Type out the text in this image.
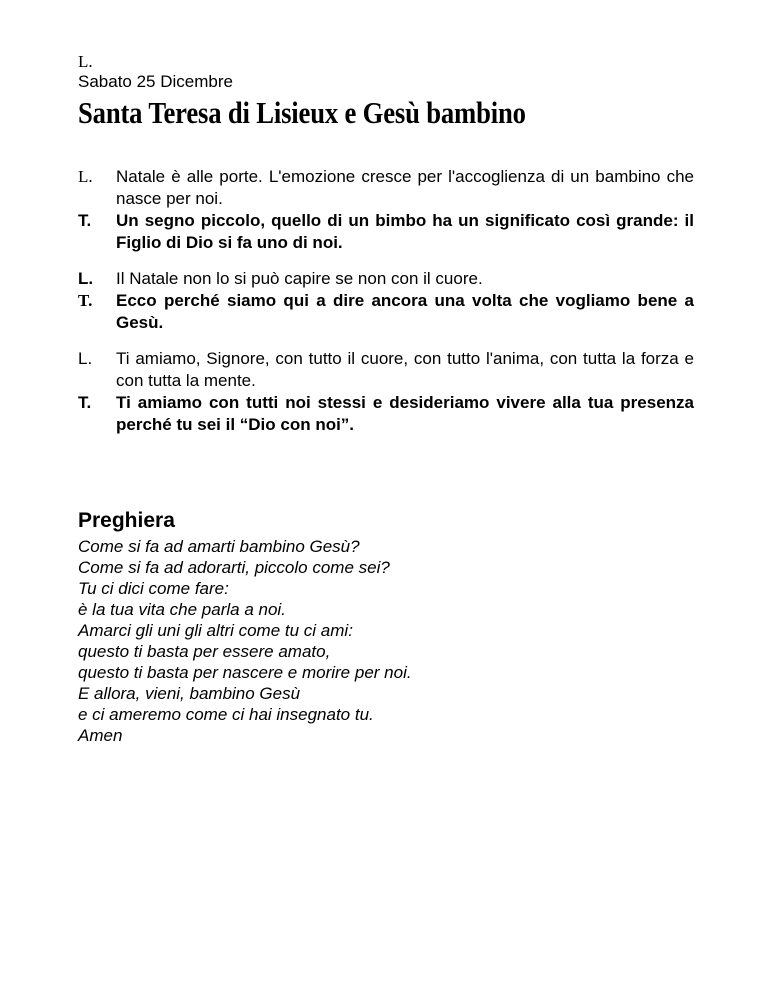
L.

Sabato 25 Dicembre

Santa Teresa di Lisieux e Gesù bambino
L.	Natale è alle porte. L'emozione cresce per l'accoglienza di un bambino che nasce per noi.
T.	Un segno piccolo, quello di un bimbo ha un significato così grande: il Figlio di Dio si fa uno di noi.
L.	Il Natale non lo si può capire se non con il cuore.
T.	Ecco perché siamo qui a dire ancora una volta che vogliamo bene a Gesù.
L.	Ti amiamo, Signore, con tutto il cuore, con tutto l'anima, con tutta la forza e con tutta la mente.
T.	Ti amiamo con tutti noi stessi e desideriamo vivere alla tua presenza perché tu sei il “Dio con noi”.
Preghiera

Come si fa ad amarti bambino Gesù?

Come si fa ad adorarti, piccolo come sei?

Tu ci dici come fare:

è la tua vita che parla a noi.

Amarci gli uni gli altri come tu ci ami:

questo ti basta per essere amato,

questo ti basta per nascere e morire per noi.

E allora, vieni, bambino Gesù

e ci ameremo come ci hai insegnato tu.

Amen
